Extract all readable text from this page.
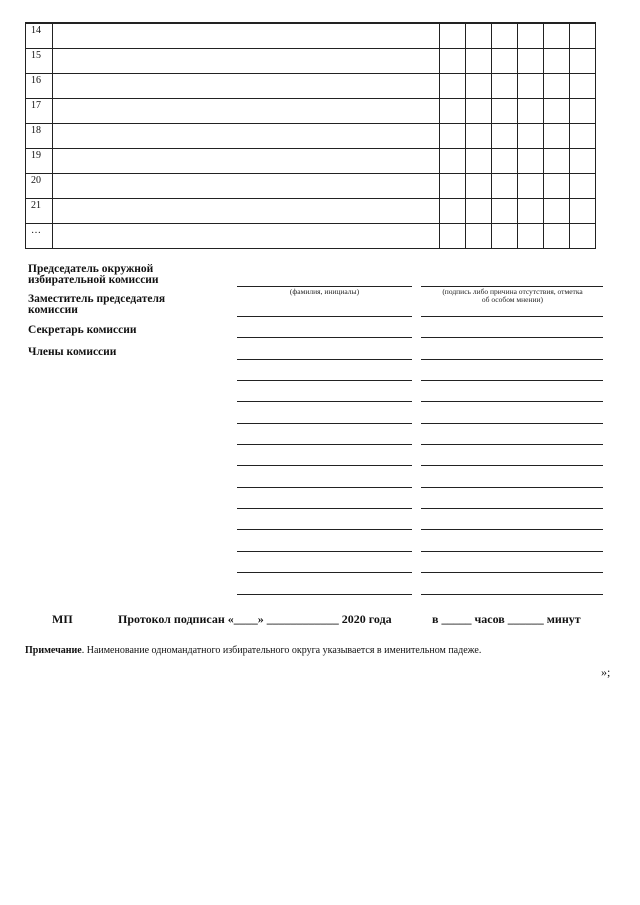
14							
15							
16							
17							
18							
19							
20							
21							
…							
Председатель окружной избирательной комиссии
Заместитель председателя комиссии
Секретарь комиссии
Члены комиссии
(фамилия, инициалы)	(подпись либо причина отсутствия, отметка об особом мнении)
МП	Протокол подписан «____» ____________ 2020 года	в _____ часов ______ минут
Примечание. Наименование одномандатного избирательного округа указывается в именительном падеже.
»;
